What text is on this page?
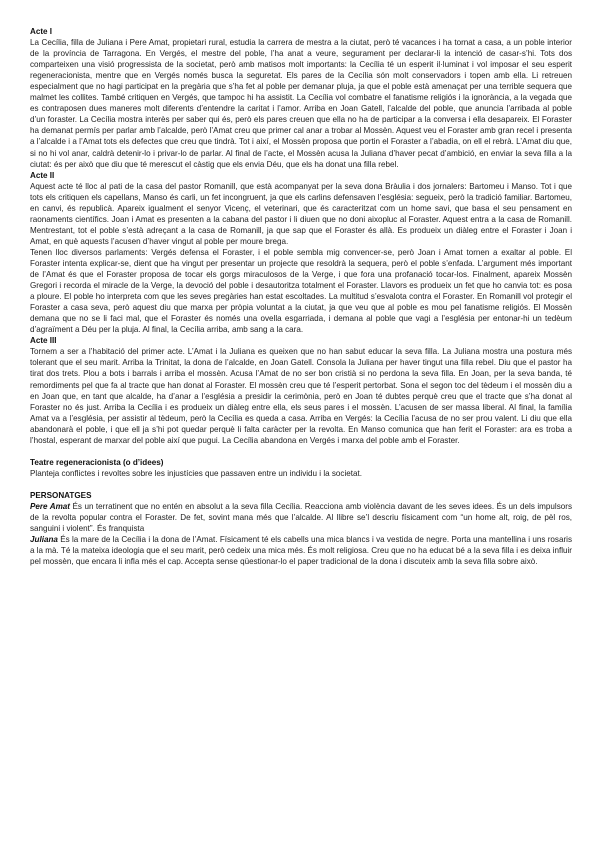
Acte I

La Cecília, filla de Juliana i Pere Amat, propietari rural, estudia la carrera de mestra a la ciutat, però té vacances i ha tornat a casa, a un poble interior de la província de Tarragona. En Vergés, el mestre del poble, l’ha anat a veure, segurament per declarar-li la intenció de casar-s’hi. Tots dos comparteixen una visió progressista de la societat, però amb matisos molt importants: la Cecília té un esperit il·luminat i vol imposar el seu esperit regeneracionista, mentre que en Vergés només busca la seguretat. Els pares de la Cecília són molt conservadors i topen amb ella. Li retreuen especialment que no hagi participat en la pregària que s’ha fet al poble per demanar pluja, ja que el poble està amenaçat per una terrible sequera que malmet les collites. També critiquen en Vergés, que tampoc hi ha assistit. La Cecília vol combatre el fanatisme religiós i la ignorància, a la vegada que es contraposen dues maneres molt diferents d’entendre la caritat i l’amor. Arriba en Joan Gatell, l’alcalde del poble, que anuncia l’arribada al poble d’un foraster. La Cecília mostra interès per saber qui és, però els pares creuen que ella no ha de participar a la conversa i ella desapareix. El Foraster ha demanat permís per parlar amb l’alcalde, però l’Amat creu que primer cal anar a trobar al Mossèn. Aquest veu el Foraster amb gran recel i presenta a l’alcalde i a l’Amat tots els defectes que creu que tindrà. Tot i així, el Mossèn proposa que portin el Foraster a l’abadia, on ell el rebrà. L’Amat diu que, si no hi vol anar, caldrà detenir-lo i privar-lo de parlar. Al final de l’acte, el Mossèn acusa la Juliana d’haver pecat d’ambició, en enviar la seva filla a la ciutat: és per això que diu que té merescut el càstig que els envia Déu, que els ha donat una filla rebel.

Acte II

Aquest acte té lloc al pati de la casa del pastor Romanill, que està acompanyat per la seva dona Bràulia i dos jornalers: Bartomeu i Manso. Tot i que tots els critiquen els capellans, Manso és carli, un fet incongruent, ja que els carlins defensaven l’església: segueix, però la tradició familiar. Bartomeu, en canvi, és republicà. Apareix igualment el senyor Vicenç, el veterinari, que és caracteritzat com un home savi, que basa el seu pensament en raonaments científics. Joan i Amat es presenten a la cabana del pastor i li diuen que no doni aixopluc al Foraster. Aquest entra a la casa de Romanill. Mentrestant, tot el poble s’està adreçant a la casa de Romanill, ja que sap que el Foraster és allà. Es produeix un diàleg entre el Foraster i Joan i Amat, en què aquests l’acusen d’haver vingut al poble per moure bregа.

Tenen lloc diversos parlaments: Vergés defensa el Foraster, i el poble sembla mig convencer-se, però Joan i Amat tornen a exaltar al poble. El Foraster intenta explicar-se, dient que ha vingut per presentar un projecte que resoldrà la sequera, però el poble s’enfada. L’argument més important de l’Amat és que el Foraster proposa de tocar els gorgs miraculosos de la Verge, i que fora una profanació tocar-los. Finalment, apareix Mossèn Gregori i recorda el miracle de la Verge, la devoció del poble i desautoritza totalment el Foraster. Llavors es produeix un fet que ho canvia tot: es posa a ploure. El poble ho interpreta com que les seves pregàries han estat escoltades. La multitud s’esvalota contra el Foraster. En Romanill vol protegir el Foraster a casa seva, però aquest diu que marxa per pròpia voluntat a la ciutat, ja que veu que al poble es mou pel fanatisme religiós. El Mossèn demana que no se li faci mal, que el Foraster és només una ovella esgarriada, i demana al poble que vagi a l’església per entonar-hi un tedèum d’agraïment a Déu per la pluja. Al final, la Cecília arriba, amb sang a la cara.

Acte III

Tornem a ser a l’habitació del primer acte. L’Amat i la Juliana es queixen que no han sabut educar la seva filla. La Juliana mostra una postura més tolerant que el seu marit. Arriba la Trinitat, la dona de l’alcalde, en Joan Gatell. Consola la Juliana per haver tingut una filla rebel. Diu que el pastor ha tirat dos trets. Plou a bots i barrals i arriba el mossèn. Acusa l’Amat de no ser bon cristià si no perdona la seva filla. En Joan, per la seva banda, té remordiments pel que fa al tracte que han donat al Foraster. El mossèn creu que té l’esperit pertorbat. Sona el segon toc del tèdeum i el mossèn diu a en Joan que, en tant que alcalde, ha d’anar a l’església a presidir la cerimònia, però en Joan té dubtes perquè creu que el tracte que s’ha donat al Foraster no és just. Arriba la Cecília i es produeix un diàleg entre ella, els seus pares i el mossèn. L’acusen de ser massa liberal. Al final, la família Amat va a l’església, per assistir al tèdeum, però la Cecília es queda a casa. Arriba en Vergés: la Cecília l’acusa de no ser prou valent. Li diu que ella abandonarà el poble, i que ell ja s’hi pot quedar perquè li falta caràcter per la revolta. En Manso comunica que han ferit el Foraster: ara es troba a l’hostal, esperant de marxar del poble així que pugui. La Cecília abandona en Vergés i marxa del poble amb el Foraster.

Teatre regeneracionista (o d’idees)

Planteja conflictes i revoltes sobre les injustícies que passaven entre un individu i la societat.

PERSONATGES

Pere Amat És un terratinent que no entén en absolut a la seva filla Cecília. Reacciona amb violència davant de les seves idees. És un dels impulsors de la revolta popular contra el Foraster. De fet, sovint mana més que l’alcalde. Al llibre se’l descriu físicament com “un home alt, roig, de pèl ros, sanguini i violent”. És franquista

Juliana És la mare de la Cecília i la dona de l’Amat. Físicament té els cabells una mica blancs i va vestida de negre. Porta una mantellina i uns rosaris a la mà. Té la mateixa ideologia que el seu marit, però cedeix una mica més. És molt religiosa. Creu que no ha educat bé a la seva filla i es deixa influir pel mossèn, que encara li infla més el cap. Accepta sense qüestionar-lo el paper tradicional de la dona i discuteix amb la seva filla sobre això.
